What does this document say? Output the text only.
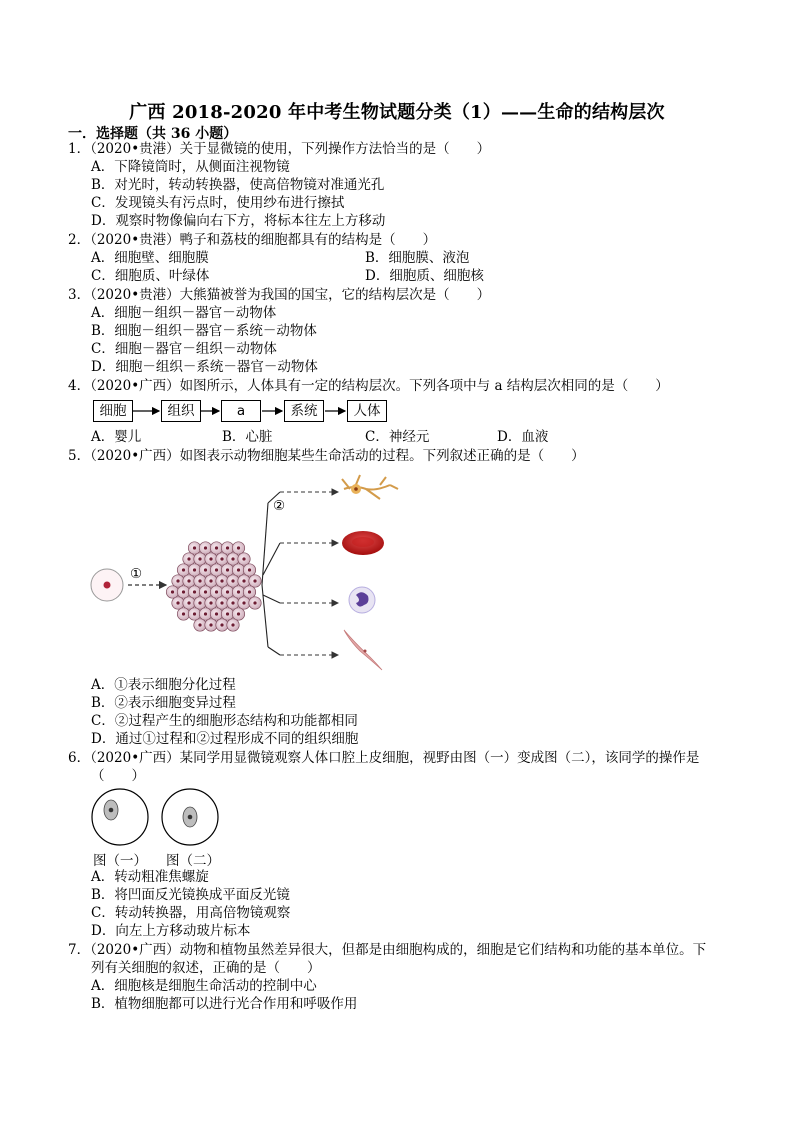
广西 2018-2020 年中考生物试题分类（1）——生命的结构层次
一．选择题（共 36 小题）
1．（2020•贵港）关于显微镜的使用，下列操作方法恰当的是（　　）
A．下降镜筒时，从侧面注视物镜
B．对光时，转动转换器，使高倍物镜对准通光孔
C．发现镜头有污点时，使用纱布进行擦拭
D．观察时物像偏向右下方，将标本往左上方移动
2．（2020•贵港）鸭子和荔枝的细胞都具有的结构是（　　）
A．细胞壁、细胞膜	B．细胞膜、液泡
C．细胞质、叶绿体	D．细胞质、细胞核
3．（2020•贵港）大熊猫被誉为我国的国宝，它的结构层次是（　　）
A．细胞－组织－器官－动物体
B．细胞－组织－器官－系统－动物体
C．细胞－器官－组织－动物体
D．细胞－组织－系统－器官－动物体
4．（2020•广西）如图所示，人体具有一定的结构层次。下列各项中与 a 结构层次相同的是（　　）
细胞	组织	a	系统	人体
A．婴儿	B．心脏	C．神经元	D．血液
5．（2020•广西）如图表示动物细胞某些生命活动的过程。下列叙述正确的是（　　）
①
②
A．①表示细胞分化过程
B．②表示细胞变异过程
C．②过程产生的细胞形态结构和功能都相同
D．通过①过程和②过程形成不同的组织细胞
6．（2020•广西）某同学用显微镜观察人体口腔上皮细胞，视野由图（一）变成图（二），该同学的操作是
（　　）
图（一） 图（二）
A．转动粗准焦螺旋
B．将凹面反光镜换成平面反光镜
C．转动转换器，用高倍物镜观察
D．向左上方移动玻片标本
7．（2020•广西）动物和植物虽然差异很大，但都是由细胞构成的，细胞是它们结构和功能的基本单位。下
列有关细胞的叙述，正确的是（　　）
A．细胞核是细胞生命活动的控制中心
B．植物细胞都可以进行光合作用和呼吸作用
